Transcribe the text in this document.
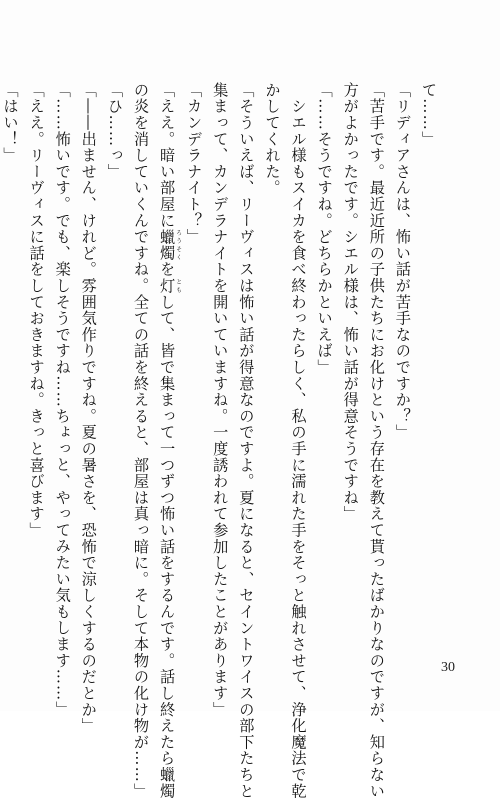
て……」
「リディアさんは、怖い話が苦手なのですか？」
「苦手です。最近近所の子供たちにお化けという存在を教えて貰ったばかりなのですが、知らない
方がよかったです。シエル様は、怖い話が得意そうですね」
「……そうですね。どちらかといえば」
　シエル様もスイカを食べ終わったらしく、私の手に濡れた手をそっと触れさせて、浄化魔法で乾
かしてくれた。
「そういえば、リーヴィスは怖い話が得意なのですよ。夏になると、セイントワイスの部下たちと
集まって、カンデラナイトを開いていますね。一度誘われて参加したことがあります」
「カンデラナイト？」
「ええ。暗い部屋に蠟燭ろうそくを灯ともして、皆で集まって一つずつ怖い話をするんです。話し終えたら蠟燭
の炎を消していくんですね。全ての話を終えると、部屋は真っ暗に。そして本物の化け物が……」
「ひ……っ」
「――出ません、けれど。雰囲気作りですね。夏の暑さを、恐怖で涼しくするのだとか」
「……怖いです。でも、楽しそうですね……ちょっと、やってみたい気もします……」
「ええ。リーヴィスに話をしておきますね。きっと喜びます」
「はい！」
30
